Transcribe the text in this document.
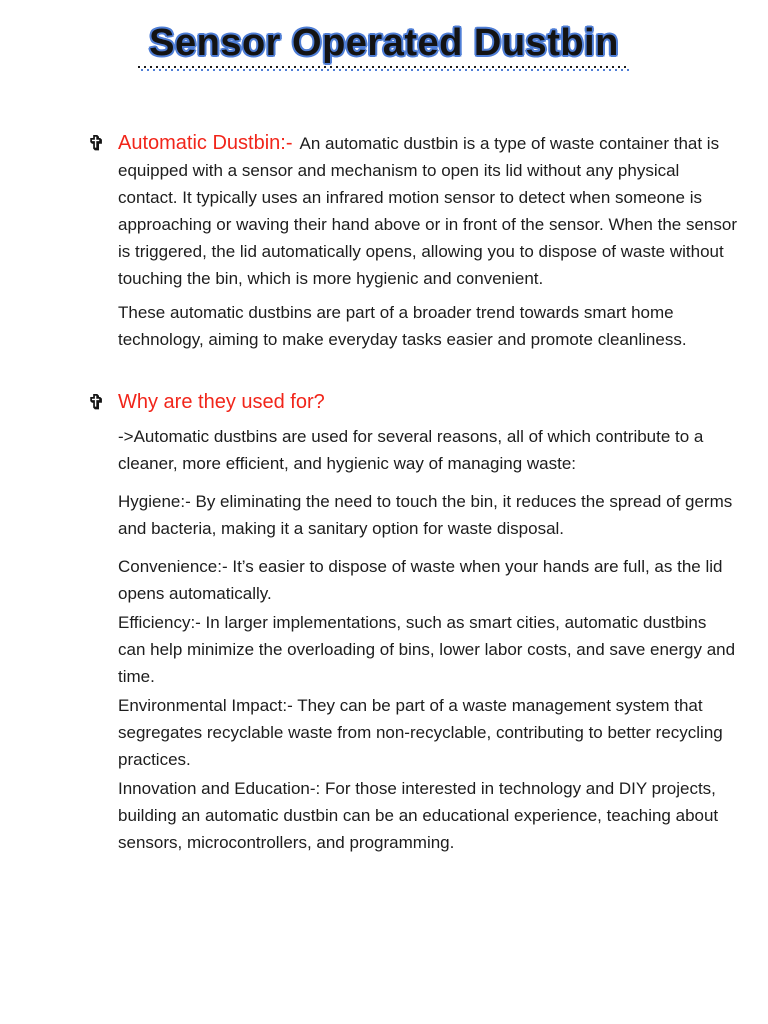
Sensor Operated Dustbin
✞ Automatic Dustbin:- An automatic dustbin is a type of waste container that is equipped with a sensor and mechanism to open its lid without any physical contact. It typically uses an infrared motion sensor to detect when someone is approaching or waving their hand above or in front of the sensor. When the sensor is triggered, the lid automatically opens, allowing you to dispose of waste without touching the bin, which is more hygienic and convenient.

These automatic dustbins are part of a broader trend towards smart home technology, aiming to make everyday tasks easier and promote cleanliness.

✞ Why are they used for?

->Automatic dustbins are used for several reasons, all of which contribute to a cleaner, more efficient, and hygienic way of managing waste:

Hygiene:- By eliminating the need to touch the bin, it reduces the spread of germs and bacteria, making it a sanitary option for waste disposal.

Convenience:- It’s easier to dispose of waste when your hands are full, as the lid opens automatically.

Efficiency:- In larger implementations, such as smart cities, automatic dustbins can help minimize the overloading of bins, lower labor costs, and save energy and time.

Environmental Impact:- They can be part of a waste management system that segregates recyclable waste from non-recyclable, contributing to better recycling practices.

Innovation and Education-: For those interested in technology and DIY projects, building an automatic dustbin can be an educational experience, teaching about sensors, microcontrollers, and programming.
